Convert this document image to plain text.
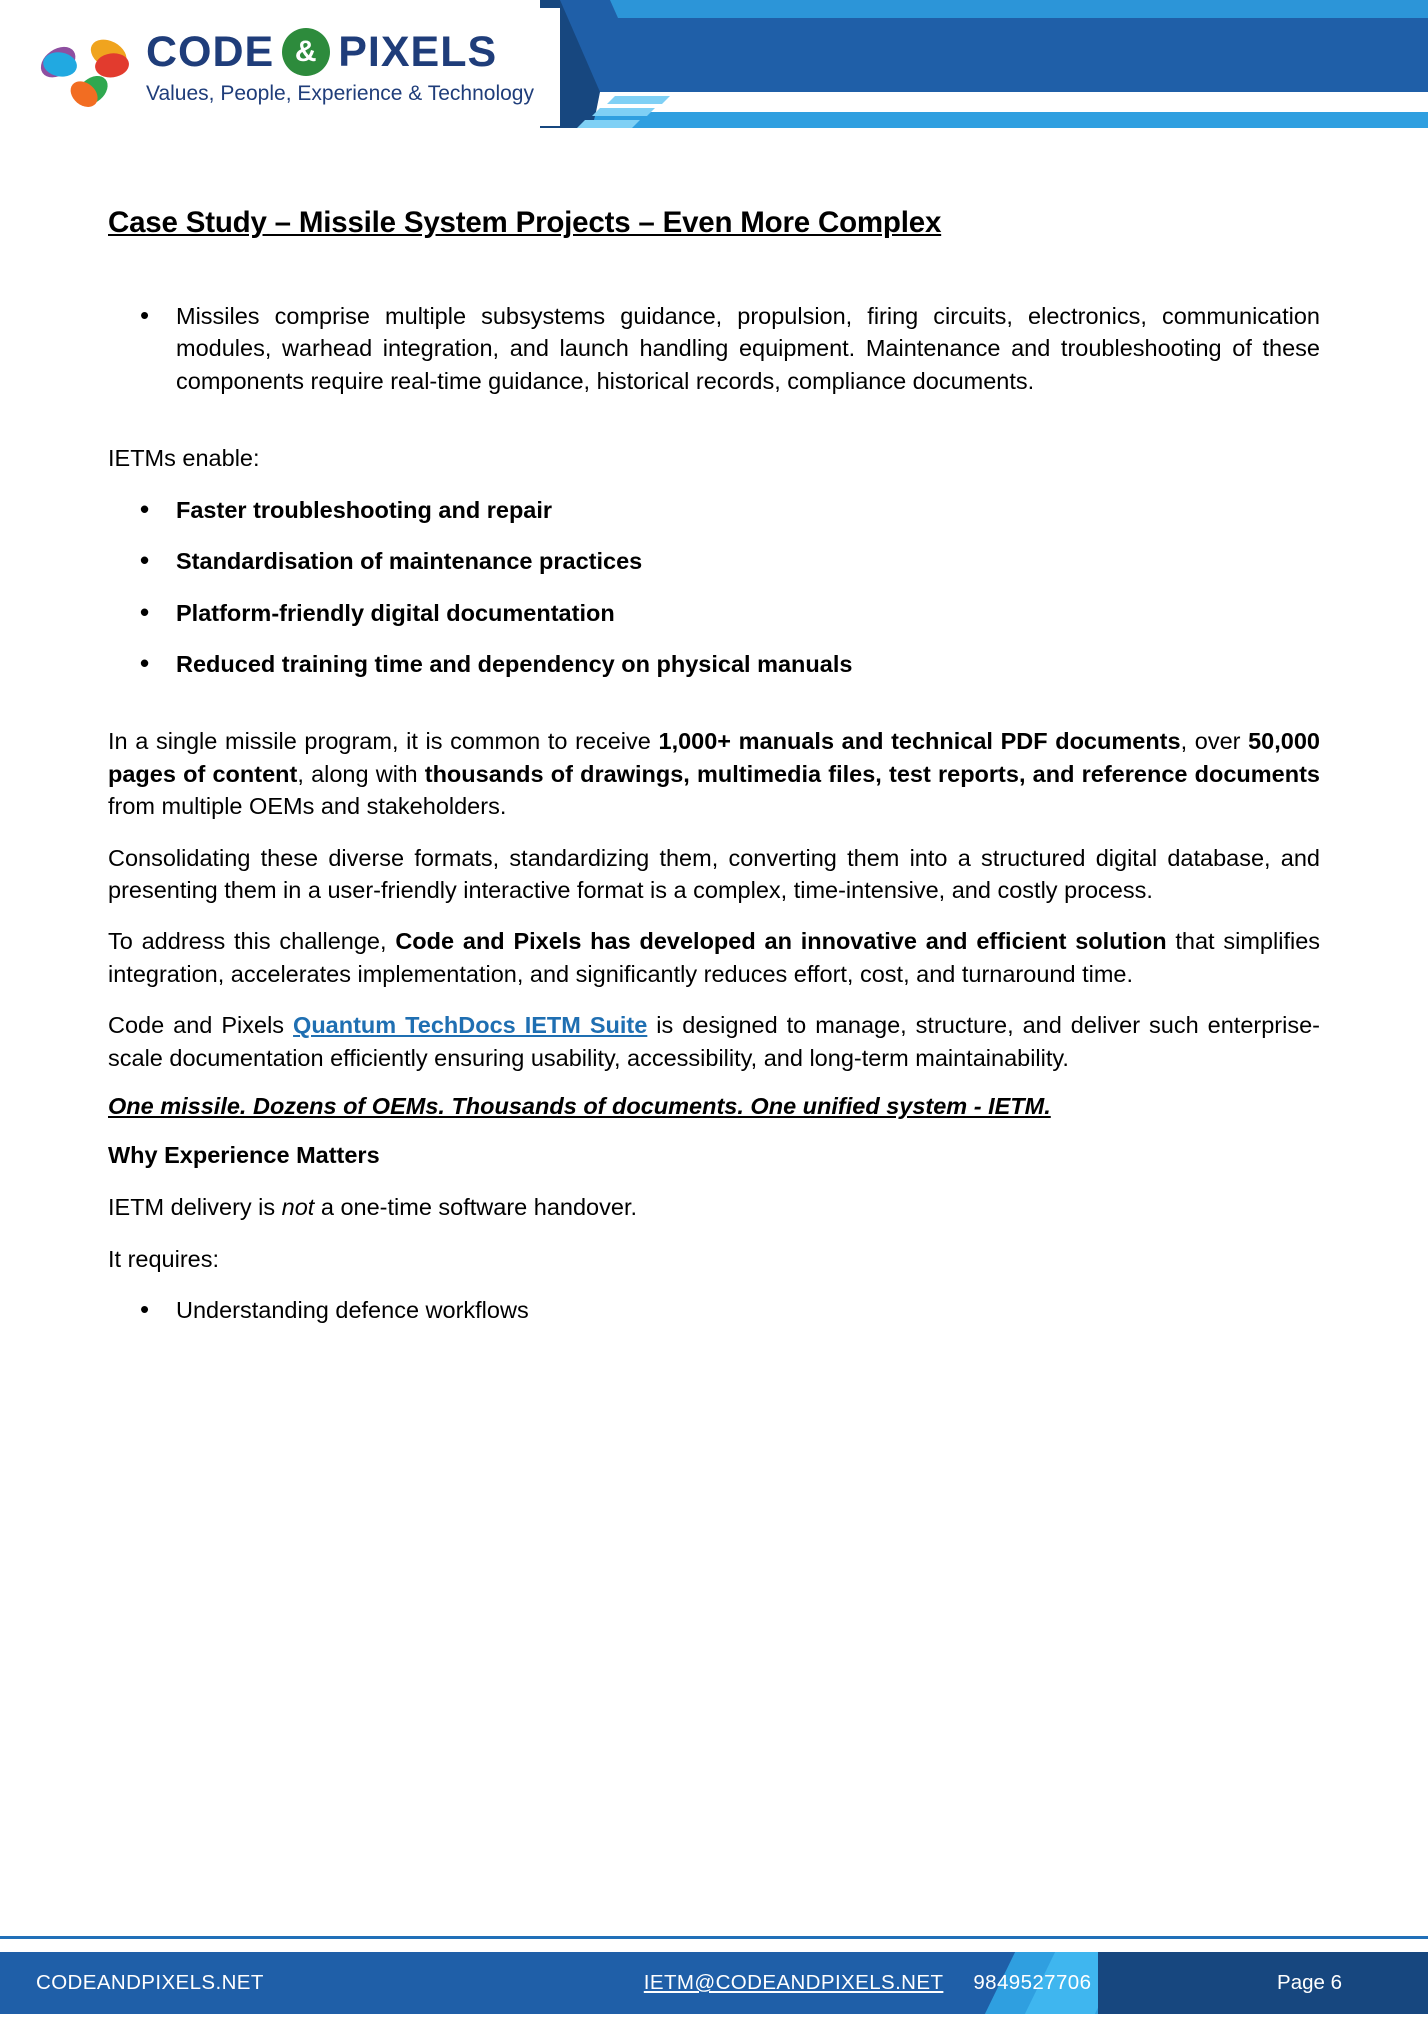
CODE & PIXELS
Values, People, Experience & Technology
Case Study – Missile System Projects – Even More Complex
• Missiles comprise multiple subsystems guidance, propulsion, firing circuits, electronics, communication modules, warhead integration, and launch handling equipment. Maintenance and troubleshooting of these components require real-time guidance, historical records, compliance documents.

IETMs enable:

• Faster troubleshooting and repair
• Standardisation of maintenance practices
• Platform-friendly digital documentation
• Reduced training time and dependency on physical manuals

In a single missile program, it is common to receive 1,000+ manuals and technical PDF documents, over 50,000 pages of content, along with thousands of drawings, multimedia files, test reports, and reference documents from multiple OEMs and stakeholders.

Consolidating these diverse formats, standardizing them, converting them into a structured digital database, and presenting them in a user-friendly interactive format is a complex, time-intensive, and costly process.

To address this challenge, Code and Pixels has developed an innovative and efficient solution that simplifies integration, accelerates implementation, and significantly reduces effort, cost, and turnaround time.

Code and Pixels Quantum TechDocs IETM Suite is designed to manage, structure, and deliver such enterprise-scale documentation efficiently ensuring usability, accessibility, and long-term maintainability.

One missile. Dozens of OEMs. Thousands of documents. One unified system - IETM.

Why Experience Matters

IETM delivery is not a one-time software handover.

It requires:

• Understanding defence workflows
CODEANDPIXELS.NET	IETM@CODEANDPIXELS.NET 9849527706	Page 6
